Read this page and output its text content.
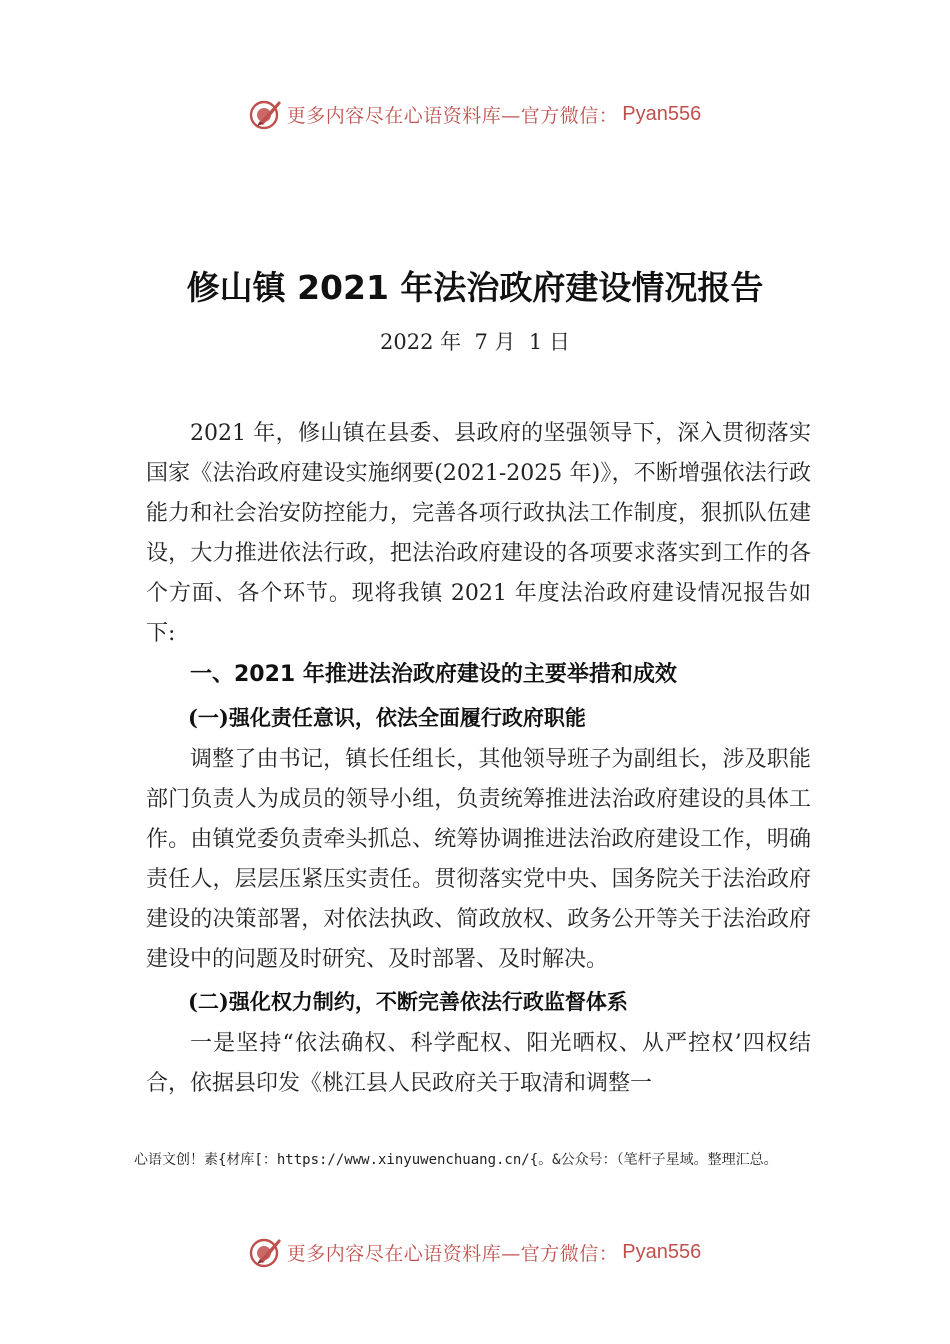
更多内容尽在心语资料库—官方微信： Pyan556
修山镇 2021 年法治政府建设情况报告
2022 年  7 月  1 日

2021 年，修山镇在县委、县政府的坚强领导下，深入贯彻落实国家《法治政府建设实施纲要(2021-2025 年)》，不断增强依法行政能力和社会治安防控能力，完善各项行政执法工作制度，狠抓队伍建设，大力推进依法行政，把法治政府建设的各项要求落实到工作的各个方面、各个环节。现将我镇 2021 年度法治政府建设情况报告如下:

一、2021 年推进法治政府建设的主要举措和成效
(一)强化责任意识，依法全面履行政府职能

调整了由书记，镇长任组长，其他领导班子为副组长，涉及职能部门负责人为成员的领导小组，负责统筹推进法治政府建设的具体工作。由镇党委负责牵头抓总、统筹协调推进法治政府建设工作，明确责任人，层层压紧压实责任。贯彻落实党中央、国务院关于法治政府建设的决策部署，对依法执政、简政放权、政务公开等关于法治政府建设中的问题及时研究、及时部署、及时解决。

(二)强化权力制约，不断完善依法行政监督体系

一是坚持“依法确权、科学配权、阳光晒权、从严控权’四权结合，依据县印发《桃江县人民政府关于取清和调整一

心语文创！素{材库[：https://www.xinyuwenchuang.cn/{。&公众号：（笔杆子星域。整理汇总。
更多内容尽在心语资料库—官方微信： Pyan556
